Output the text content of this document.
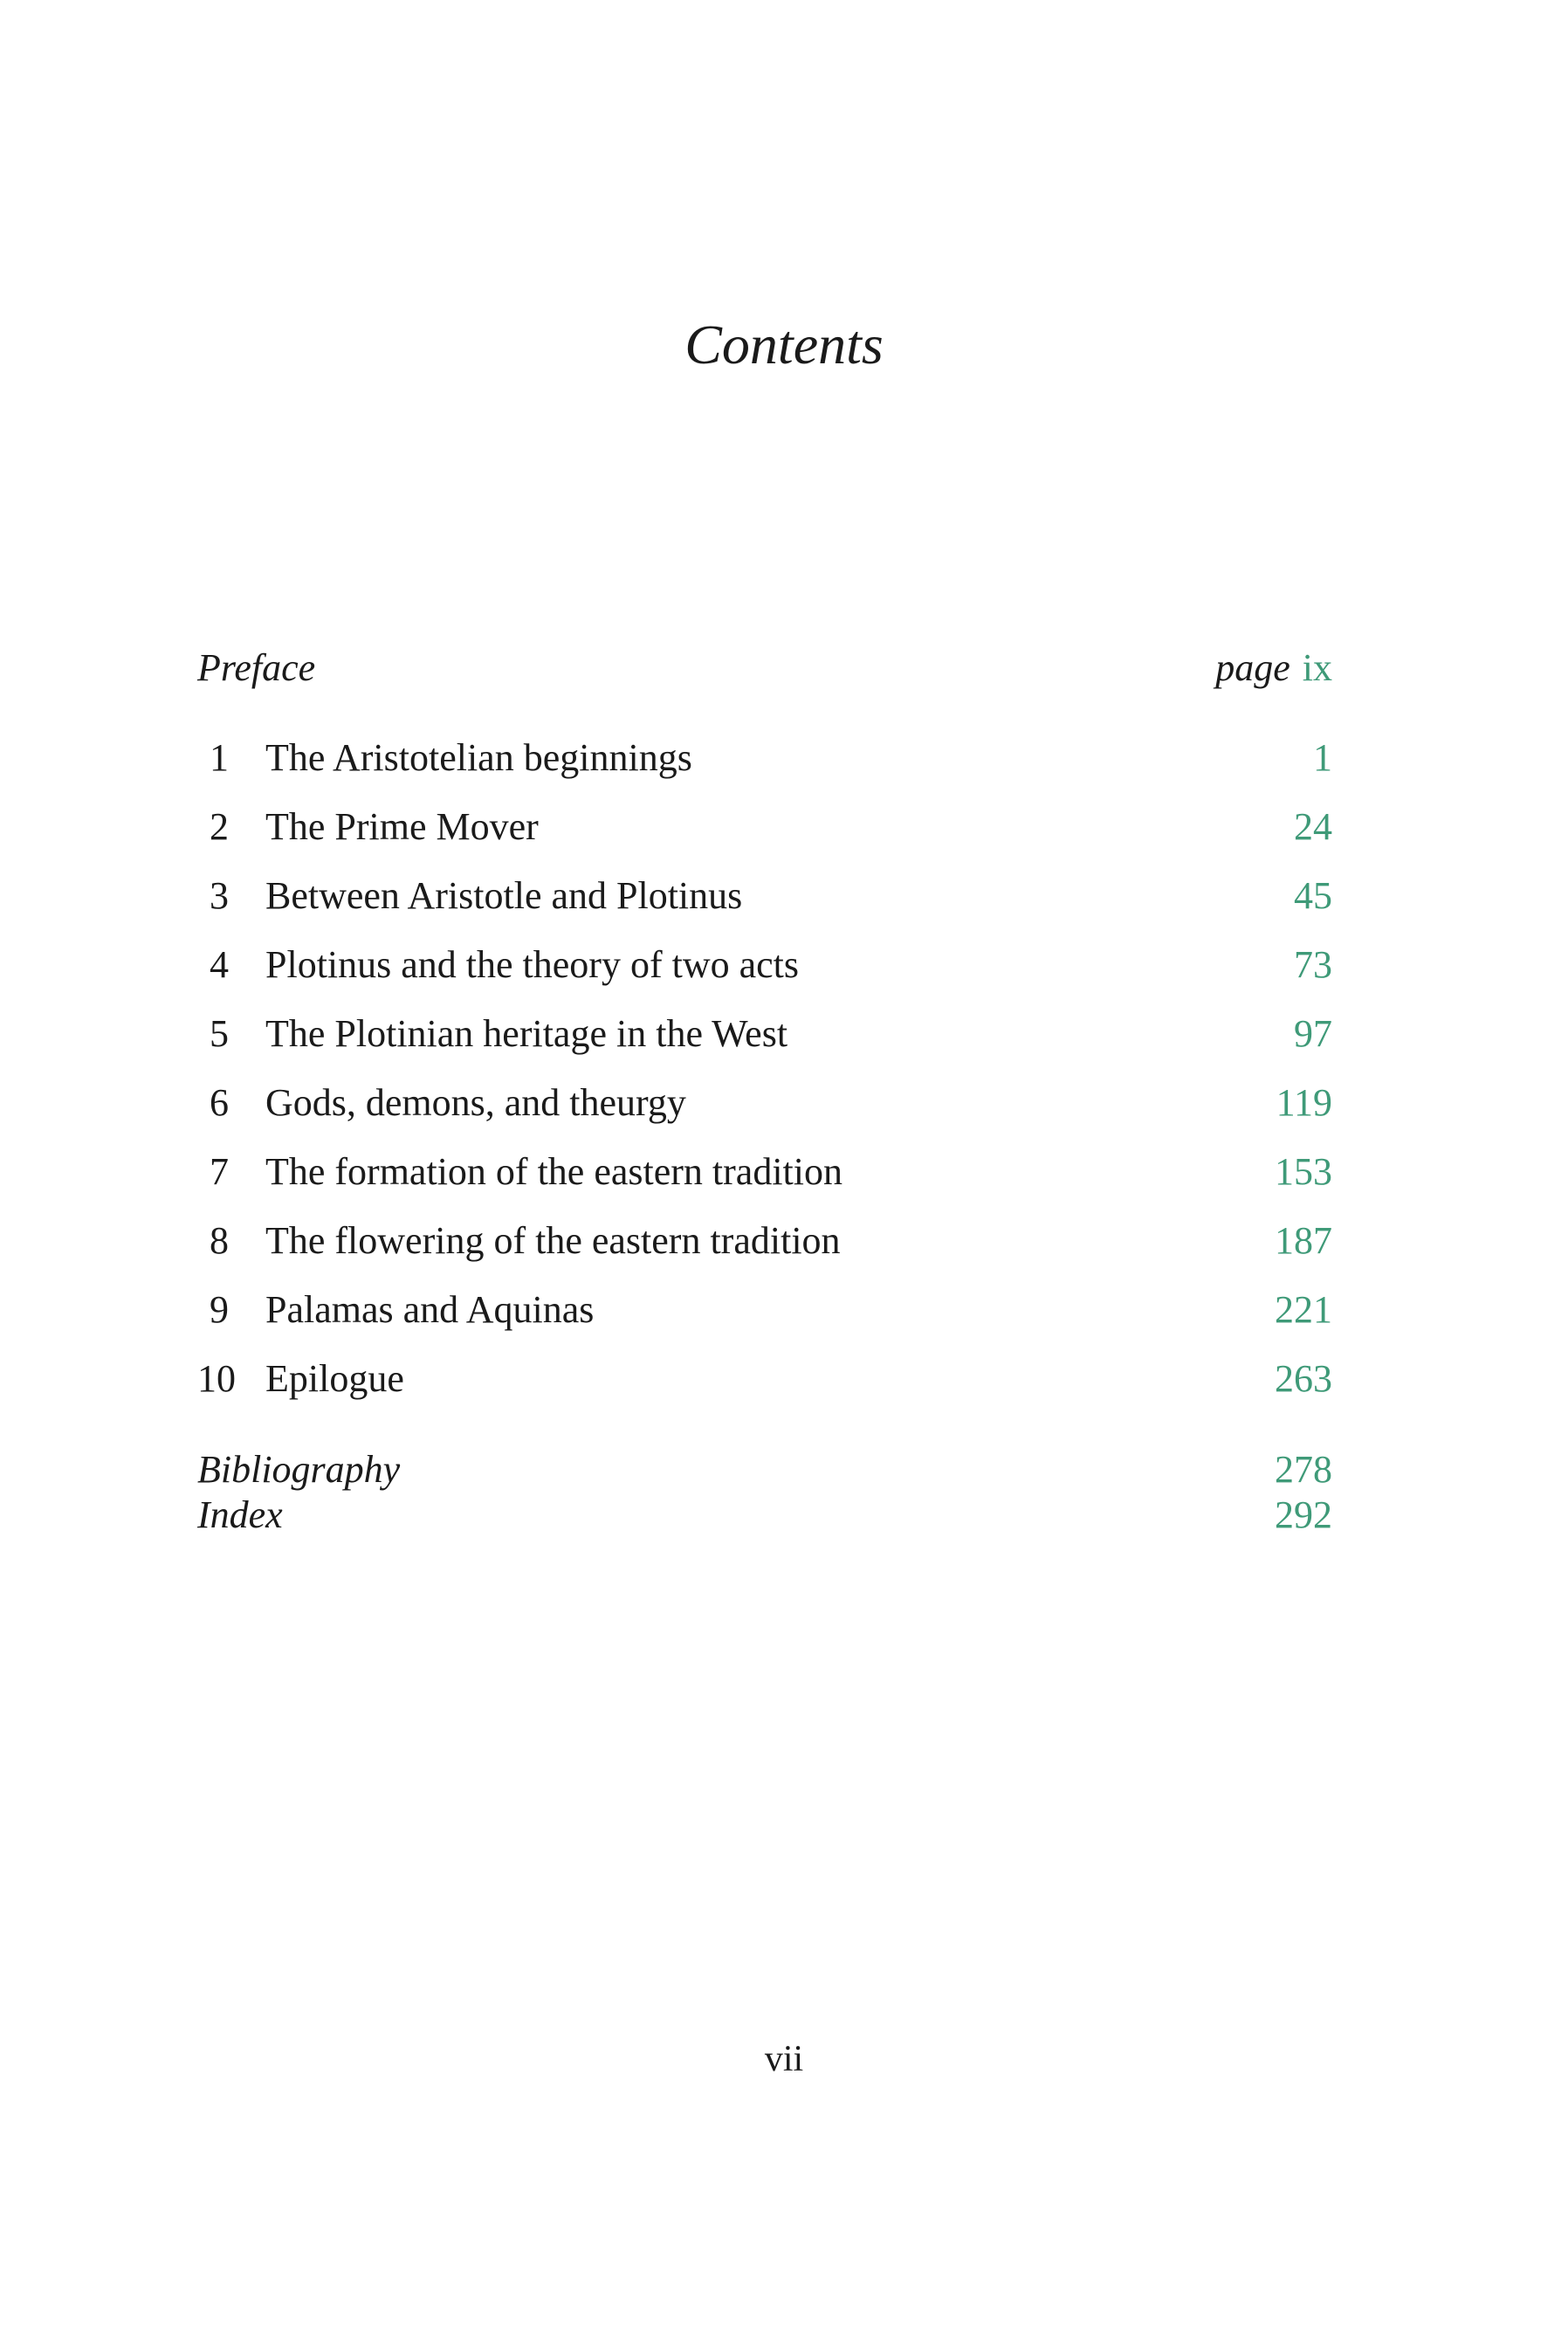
Contents
Preface	page ix
1 The Aristotelian beginnings	1
2 The Prime Mover	24
3 Between Aristotle and Plotinus	45
4 Plotinus and the theory of two acts	73
5 The Plotinian heritage in the West	97
6 Gods, demons, and theurgy	119
7 The formation of the eastern tradition	153
8 The flowering of the eastern tradition	187
9 Palamas and Aquinas	221
10 Epilogue	263
Bibliography	278
Index	292
vii
